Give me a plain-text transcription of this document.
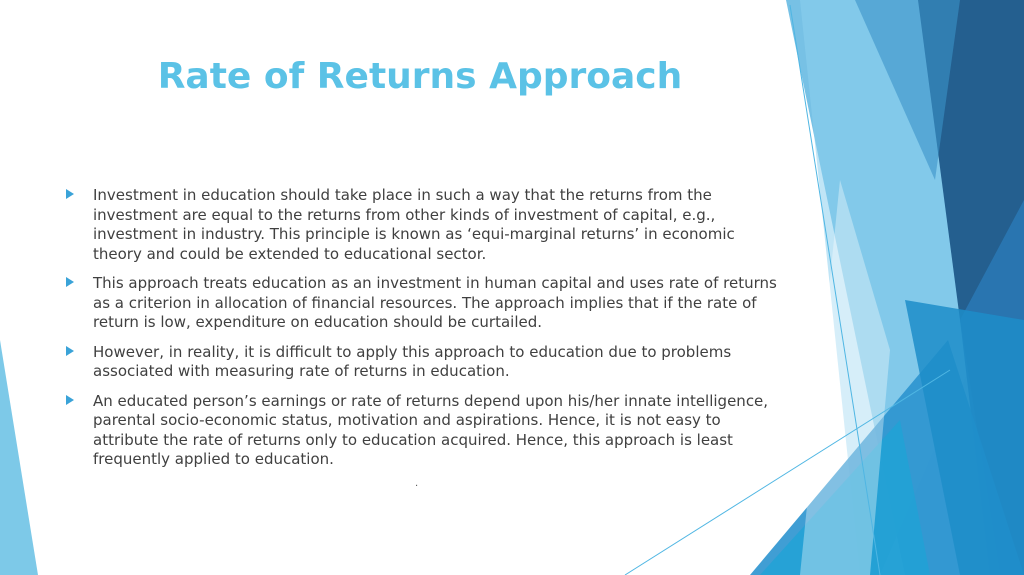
Rate of Returns Approach
Investment in education should take place in such a way that the returns from the investment are equal to the returns from other kinds of investment of capital, e.g., investment in industry. This principle is known as ‘equi-marginal returns’ in economic theory and could be extended to educational sector.
This approach treats education as an investment in human capital and uses rate of returns as a criterion in allocation of financial resources. The approach implies that if the rate of return is low, expenditure on education should be curtailed.
However, in reality, it is difficult to apply this approach to education due to problems associated with measuring rate of returns in education.
An educated person’s earnings or rate of returns depend upon his/her innate intelligence, parental socio-economic status, motivation and aspirations. Hence, it is not easy to attribute the rate of returns only to education acquired. Hence, this approach is least frequently applied to education.
.
